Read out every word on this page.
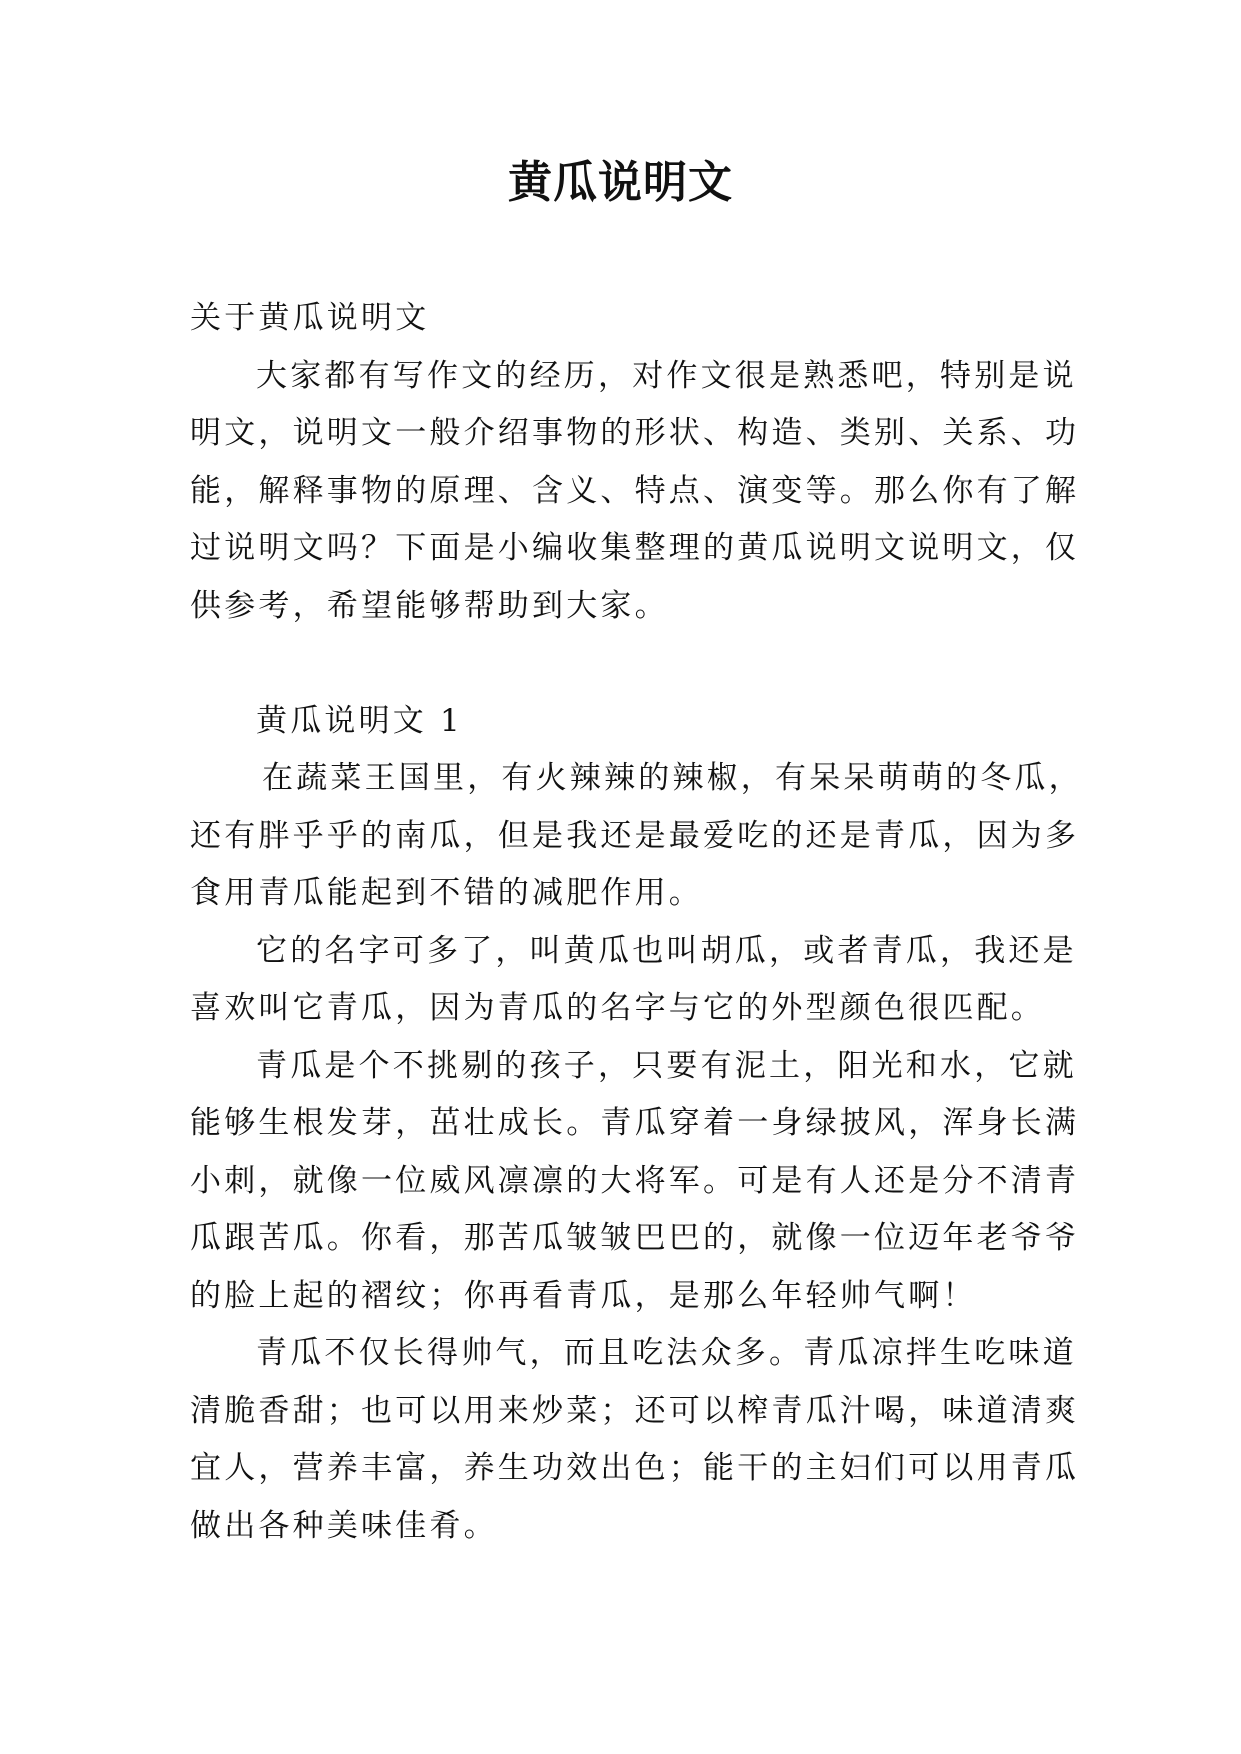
黄瓜说明文
关于黄瓜说明文
大家都有写作文的经历，对作文很是熟悉吧，特别是说
明文，说明文一般介绍事物的形状、构造、类别、关系、功
能，解释事物的原理、含义、特点、演变等。那么你有了解
过说明文吗？下面是小编收集整理的黄瓜说明文说明文，仅
供参考，希望能够帮助到大家。
黄瓜说明文 1
在蔬菜王国里，有火辣辣的辣椒，有呆呆萌萌的冬瓜，
还有胖乎乎的南瓜，但是我还是最爱吃的还是青瓜，因为多
食用青瓜能起到不错的减肥作用。
它的名字可多了，叫黄瓜也叫胡瓜，或者青瓜，我还是
喜欢叫它青瓜，因为青瓜的名字与它的外型颜色很匹配。
青瓜是个不挑剔的孩子，只要有泥土，阳光和水，它就
能够生根发芽，茁壮成长。青瓜穿着一身绿披风，浑身长满
小刺，就像一位威风凛凛的大将军。可是有人还是分不清青
瓜跟苦瓜。你看，那苦瓜皱皱巴巴的，就像一位迈年老爷爷
的脸上起的褶纹；你再看青瓜，是那么年轻帅气啊！
青瓜不仅长得帅气，而且吃法众多。青瓜凉拌生吃味道
清脆香甜；也可以用来炒菜；还可以榨青瓜汁喝，味道清爽
宜人，营养丰富，养生功效出色；能干的主妇们可以用青瓜
做出各种美味佳肴。
